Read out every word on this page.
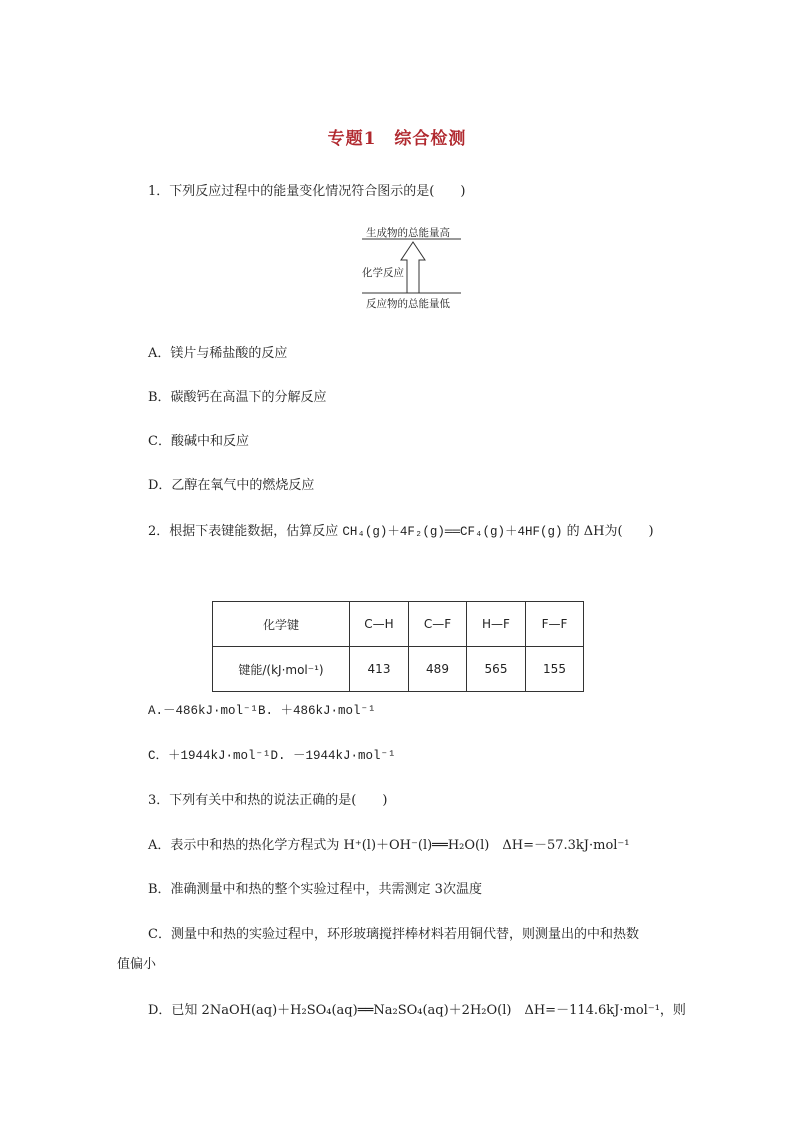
专题1　综合检测
1．下列反应过程中的能量变化情况符合图示的是(　　)
生成物的总能量高
化学反应
反应物的总能量低
A．镁片与稀盐酸的反应
B．碳酸钙在高温下的分解反应
C．酸碱中和反应
D．乙醇在氧气中的燃烧反应
2．根据下表键能数据，估算反应 CH₄(g)＋4F₂(g)══CF₄(g)＋4HF(g) 的 ΔH为(　　)
化学键	C—H	C—F	H—F	F—F
键能/(kJ·mol⁻¹)	413	489	565	155
A.－486kJ·mol⁻¹B. ＋486kJ·mol⁻¹
C．＋1944kJ·mol⁻¹D. －1944kJ·mol⁻¹
3．下列有关中和热的说法正确的是(　　)
A．表示中和热的热化学方程式为 H⁺(l)＋OH⁻(l)══H₂O(l)　ΔH=－57.3kJ·mol⁻¹
B．准确测量中和热的整个实验过程中，共需测定 3次温度
C．测量中和热的实验过程中，环形玻璃搅拌棒材料若用铜代替，则测量出的中和热数
值偏小
D．已知 2NaOH(aq)＋H₂SO₄(aq)══Na₂SO₄(aq)＋2H₂O(l)　ΔH=－114.6kJ·mol⁻¹，则
